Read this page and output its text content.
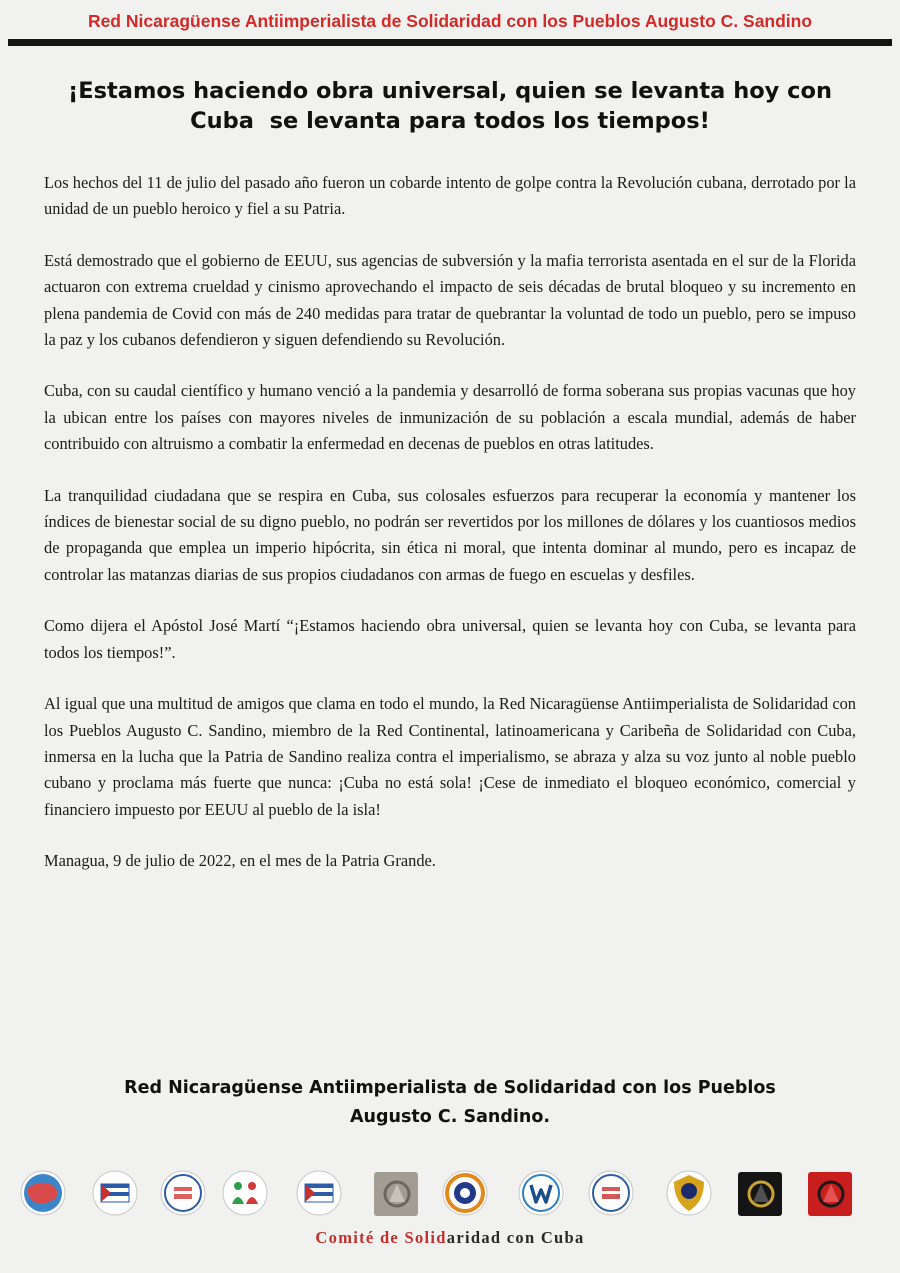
Red Nicaragüense Antiimperialista de Solidaridad con los Pueblos Augusto C. Sandino
¡Estamos haciendo obra universal, quien se levanta hoy con
Cuba  se levanta para todos los tiempos!

Los hechos del 11 de julio del pasado año fueron un cobarde intento de golpe contra la Revolución cubana, derrotado por la unidad de un pueblo heroico y fiel a su Patria.

Está demostrado que el gobierno de EEUU, sus agencias de subversión y la mafia terrorista asentada en el sur de la Florida actuaron con extrema crueldad y cinismo aprovechando el impacto de seis décadas de brutal bloqueo y su incremento en plena pandemia de Covid con más de 240 medidas para tratar de quebrantar la voluntad de todo un pueblo, pero se impuso la paz y los cubanos defendieron y siguen defendiendo su Revolución.

Cuba, con su caudal científico y humano venció a la pandemia y desarrolló de forma soberana sus propias vacunas que hoy la ubican entre los países con mayores niveles de inmunización de su población a escala mundial, además de haber contribuido con altruismo a combatir la enfermedad en decenas de pueblos en otras latitudes.

La tranquilidad ciudadana que se respira en Cuba, sus colosales esfuerzos para recuperar la economía y mantener los índices de bienestar social de su digno pueblo, no podrán ser revertidos por los millones de dólares y los cuantiosos medios de propaganda que emplea un imperio hipócrita, sin ética ni moral, que intenta dominar al mundo, pero es incapaz de controlar las matanzas diarias de sus propios ciudadanos con armas de fuego en escuelas y desfiles.

Como dijera el Apóstol José Martí “¡Estamos haciendo obra universal, quien se levanta hoy con Cuba, se levanta para todos los tiempos!”.

Al igual que una multitud de amigos que clama en todo el mundo, la Red Nicaragüense Antiimperialista de Solidaridad con los Pueblos Augusto C. Sandino, miembro de la Red Continental, latinoamericana y Caribeña de Solidaridad con Cuba, inmersa en la lucha que la Patria de Sandino realiza contra el imperialismo, se abraza y alza su voz junto al noble pueblo cubano y proclama más fuerte que nunca: ¡Cuba no está sola! ¡Cese de inmediato el bloqueo económico, comercial y financiero impuesto por EEUU al pueblo de la isla!

Managua, 9 de julio de 2022, en el mes de la Patria Grande.

Red Nicaragüense Antiimperialista de Solidaridad con los Pueblos
Augusto C. Sandino.
Comité de Solidaridad con Cuba
